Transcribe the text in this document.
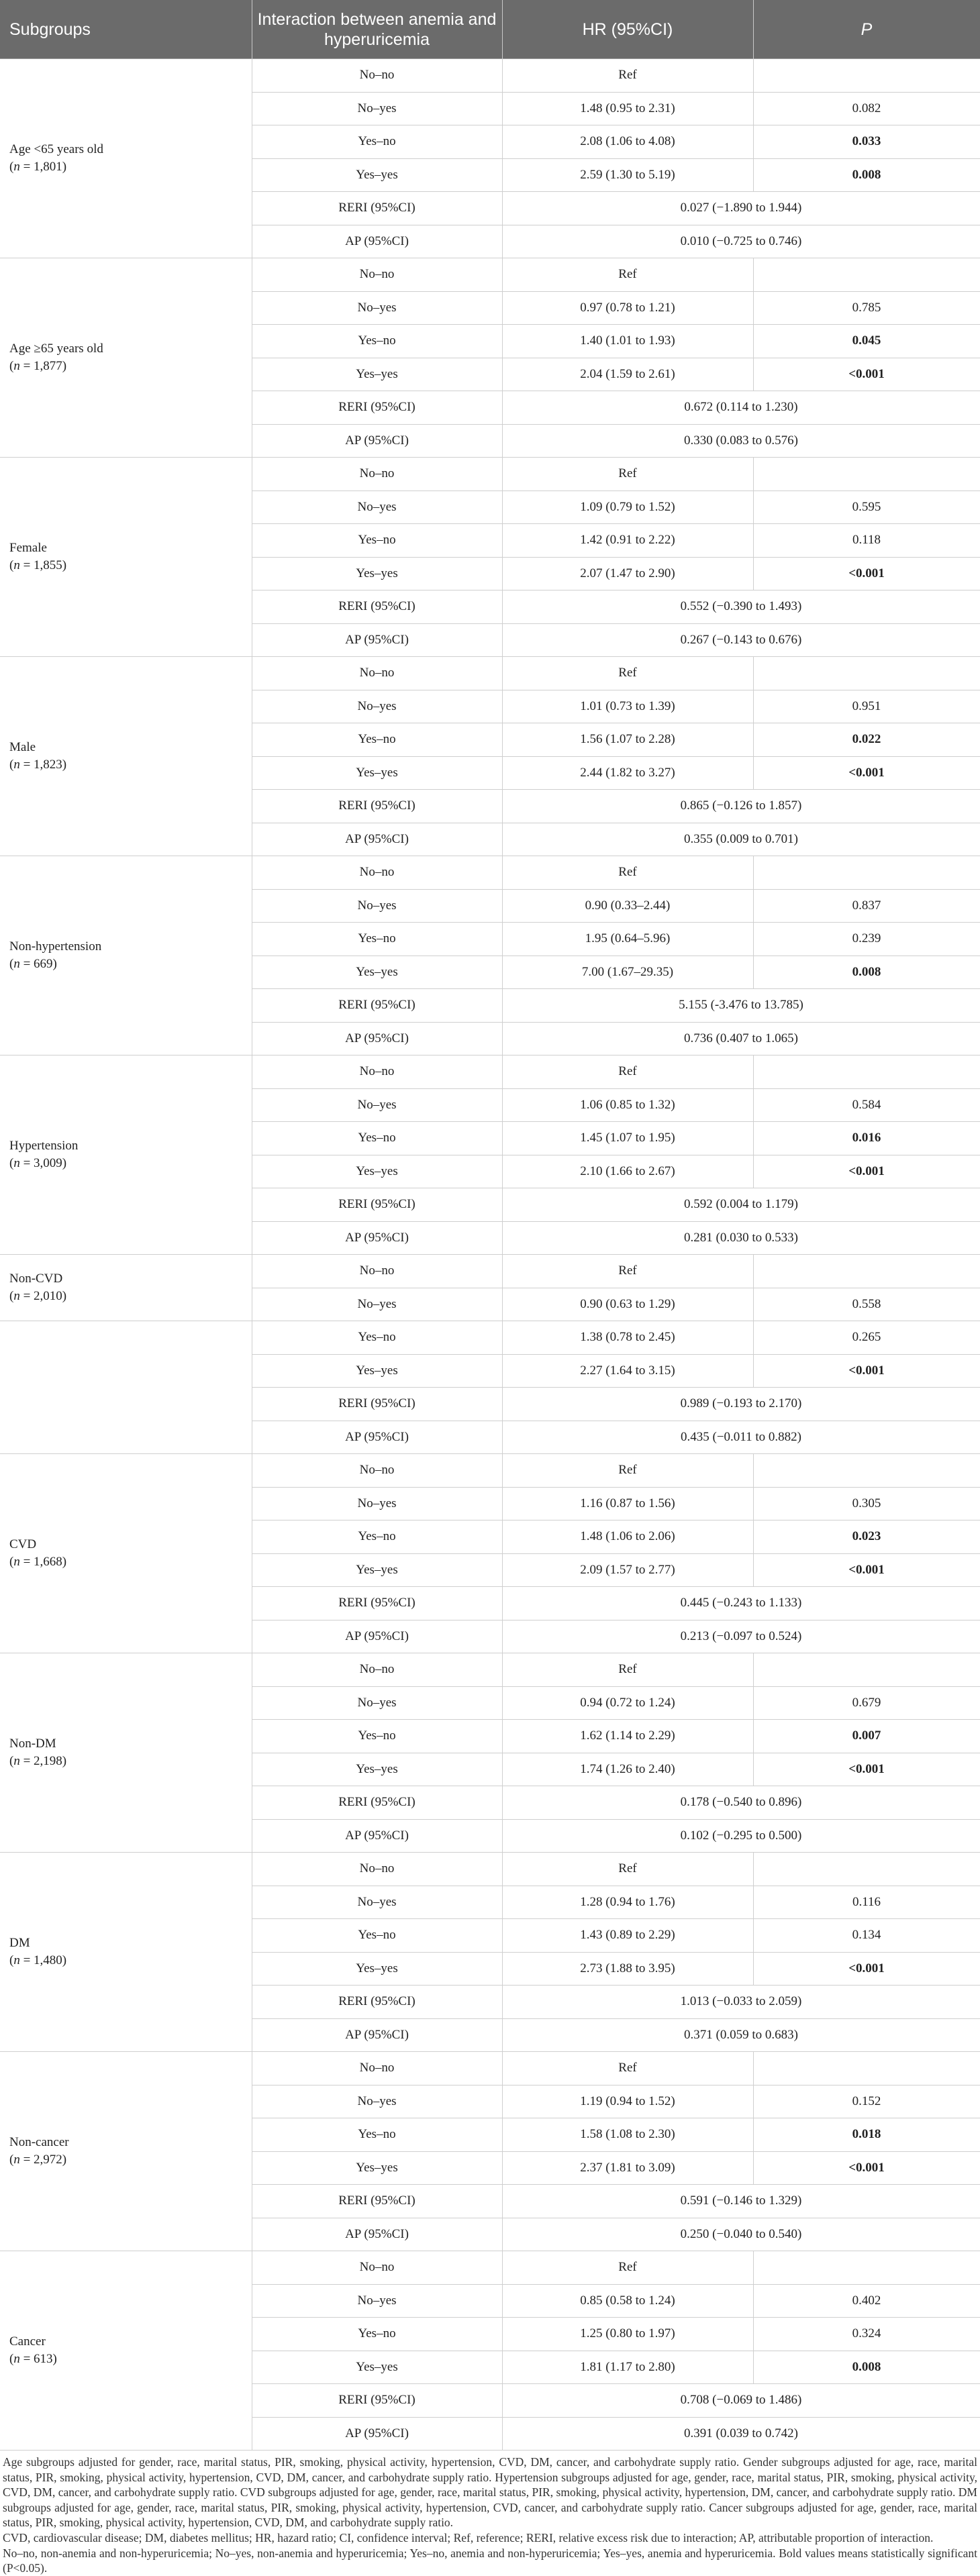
Subgroups	Interaction between anemia and hyperuricemia	HR (95%CI)	P
Age <65 years old
(n = 1,801)	No–no	Ref	
	No–yes	1.48 (0.95 to 2.31)	0.082
	Yes–no	2.08 (1.06 to 4.08)	0.033
	Yes–yes	2.59 (1.30 to 5.19)	0.008
	RERI (95%CI)	0.027 (−1.890 to 1.944)	
	AP (95%CI)	0.010 (−0.725 to 0.746)	
Age ≥65 years old
(n = 1,877)	No–no	Ref	
	No–yes	0.97 (0.78 to 1.21)	0.785
	Yes–no	1.40 (1.01 to 1.93)	0.045
	Yes–yes	2.04 (1.59 to 2.61)	<0.001
	RERI (95%CI)	0.672 (0.114 to 1.230)	
	AP (95%CI)	0.330 (0.083 to 0.576)	
Female
(n = 1,855)	No–no	Ref	
	No–yes	1.09 (0.79 to 1.52)	0.595
	Yes–no	1.42 (0.91 to 2.22)	0.118
	Yes–yes	2.07 (1.47 to 2.90)	<0.001
	RERI (95%CI)	0.552 (−0.390 to 1.493)	
	AP (95%CI)	0.267 (−0.143 to 0.676)	
Male
(n = 1,823)	No–no	Ref	
	No–yes	1.01 (0.73 to 1.39)	0.951
	Yes–no	1.56 (1.07 to 2.28)	0.022
	Yes–yes	2.44 (1.82 to 3.27)	<0.001
	RERI (95%CI)	0.865 (−0.126 to 1.857)	
	AP (95%CI)	0.355 (0.009 to 0.701)	
Non-hypertension
(n = 669)	No–no	Ref	
	No–yes	0.90 (0.33–2.44)	0.837
	Yes–no	1.95 (0.64–5.96)	0.239
	Yes–yes	7.00 (1.67–29.35)	0.008
	RERI (95%CI)	5.155 (-3.476 to 13.785)	
	AP (95%CI)	0.736 (0.407 to 1.065)	
Hypertension
(n = 3,009)	No–no	Ref	
	No–yes	1.06 (0.85 to 1.32)	0.584
	Yes–no	1.45 (1.07 to 1.95)	0.016
	Yes–yes	2.10 (1.66 to 2.67)	<0.001
	RERI (95%CI)	0.592 (0.004 to 1.179)	
	AP (95%CI)	0.281 (0.030 to 0.533)	
Non-CVD
(n = 2,010)	No–no	Ref	
	No–yes	0.90 (0.63 to 1.29)	0.558
	Yes–no	1.38 (0.78 to 2.45)	0.265
	Yes–yes	2.27 (1.64 to 3.15)	<0.001
	RERI (95%CI)	0.989 (−0.193 to 2.170)	
	AP (95%CI)	0.435 (−0.011 to 0.882)	
CVD
(n = 1,668)	No–no	Ref	
	No–yes	1.16 (0.87 to 1.56)	0.305
	Yes–no	1.48 (1.06 to 2.06)	0.023
	Yes–yes	2.09 (1.57 to 2.77)	<0.001
	RERI (95%CI)	0.445 (−0.243 to 1.133)	
	AP (95%CI)	0.213 (−0.097 to 0.524)	
Non-DM
(n = 2,198)	No–no	Ref	
	No–yes	0.94 (0.72 to 1.24)	0.679
	Yes–no	1.62 (1.14 to 2.29)	0.007
	Yes–yes	1.74 (1.26 to 2.40)	<0.001
	RERI (95%CI)	0.178 (−0.540 to 0.896)	
	AP (95%CI)	0.102 (−0.295 to 0.500)	
DM
(n = 1,480)	No–no	Ref	
	No–yes	1.28 (0.94 to 1.76)	0.116
	Yes–no	1.43 (0.89 to 2.29)	0.134
	Yes–yes	2.73 (1.88 to 3.95)	<0.001
	RERI (95%CI)	1.013 (−0.033 to 2.059)	
	AP (95%CI)	0.371 (0.059 to 0.683)	
Non-cancer
(n = 2,972)	No–no	Ref	
	No–yes	1.19 (0.94 to 1.52)	0.152
	Yes–no	1.58 (1.08 to 2.30)	0.018
	Yes–yes	2.37 (1.81 to 3.09)	<0.001
	RERI (95%CI)	0.591 (−0.146 to 1.329)	
	AP (95%CI)	0.250 (−0.040 to 0.540)	
Cancer
(n = 613)	No–no	Ref	
	No–yes	0.85 (0.58 to 1.24)	0.402
	Yes–no	1.25 (0.80 to 1.97)	0.324
	Yes–yes	1.81 (1.17 to 2.80)	0.008
	RERI (95%CI)	0.708 (−0.069 to 1.486)	
	AP (95%CI)	0.391 (0.039 to 0.742)	

Age subgroups adjusted for gender, race, marital status, PIR, smoking, physical activity, hypertension, CVD, DM, cancer, and carbohydrate supply ratio. Gender subgroups adjusted for age, race, marital status, PIR, smoking, physical activity, hypertension, CVD, DM, cancer, and carbohydrate supply ratio. Hypertension subgroups adjusted for age, gender, race, marital status, PIR, smoking, physical activity, CVD, DM, cancer, and carbohydrate supply ratio. CVD subgroups adjusted for age, gender, race, marital status, PIR, smoking, physical activity, hypertension, DM, cancer, and carbohydrate supply ratio. DM subgroups adjusted for age, gender, race, marital status, PIR, smoking, physical activity, hypertension, CVD, cancer, and carbohydrate supply ratio. Cancer subgroups adjusted for age, gender, race, marital status, PIR, smoking, physical activity, hypertension, CVD, DM, and carbohydrate supply ratio.

CVD, cardiovascular disease; DM, diabetes mellitus; HR, hazard ratio; CI, confidence interval; Ref, reference; RERI, relative excess risk due to interaction; AP, attributable proportion of interaction.

No–no, non-anemia and non-hyperuricemia; No–yes, non-anemia and hyperuricemia; Yes–no, anemia and non-hyperuricemia; Yes–yes, anemia and hyperuricemia. Bold values means statistically significant (P<0.05).
